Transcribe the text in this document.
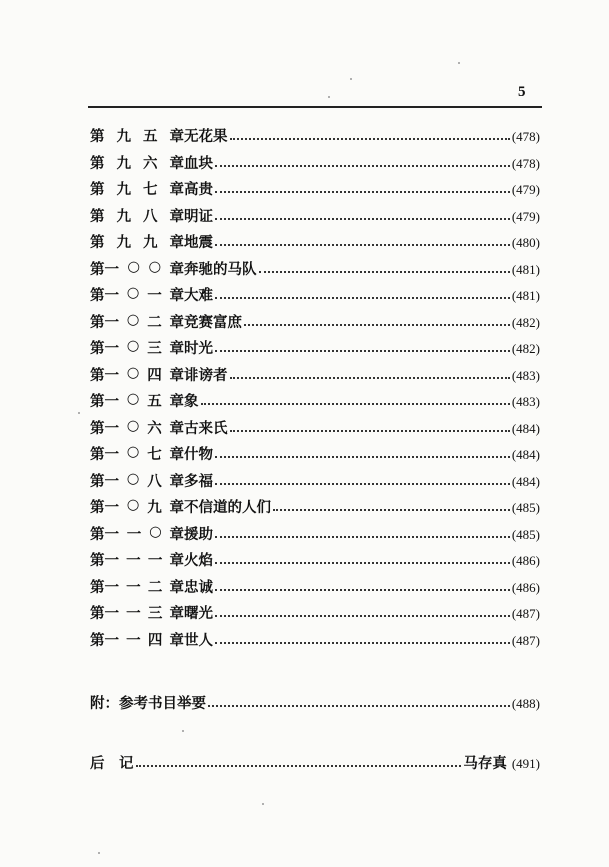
5
第 九 五 章 无花果	(478)
第 九 六 章 血块	(478)
第 九 七 章 高贵	(479)
第 九 八 章 明证	(479)
第 九 九 章 地震	(480)
第一 ○ ○ 章 奔驰的马队	(481)
第一 ○ 一 章 大难	(481)
第一 ○ 二 章 竞赛富庶	(482)
第一 ○ 三 章 时光	(482)
第一 ○ 四 章 诽谤者	(483)
第一 ○ 五 章 象	(483)
第一 ○ 六 章 古来氏	(484)
第一 ○ 七 章 什物	(484)
第一 ○ 八 章 多福	(484)
第一 ○ 九 章 不信道的人们	(485)
第一 一 ○ 章 援助	(485)
第一 一 一 章 火焰	(486)
第一 一 二 章 忠诚	(486)
第一 一 三 章 曙光	(487)
第一 一 四 章 世人	(487)
附：参考书目举要	(488)
后　记	马存真 (491)
